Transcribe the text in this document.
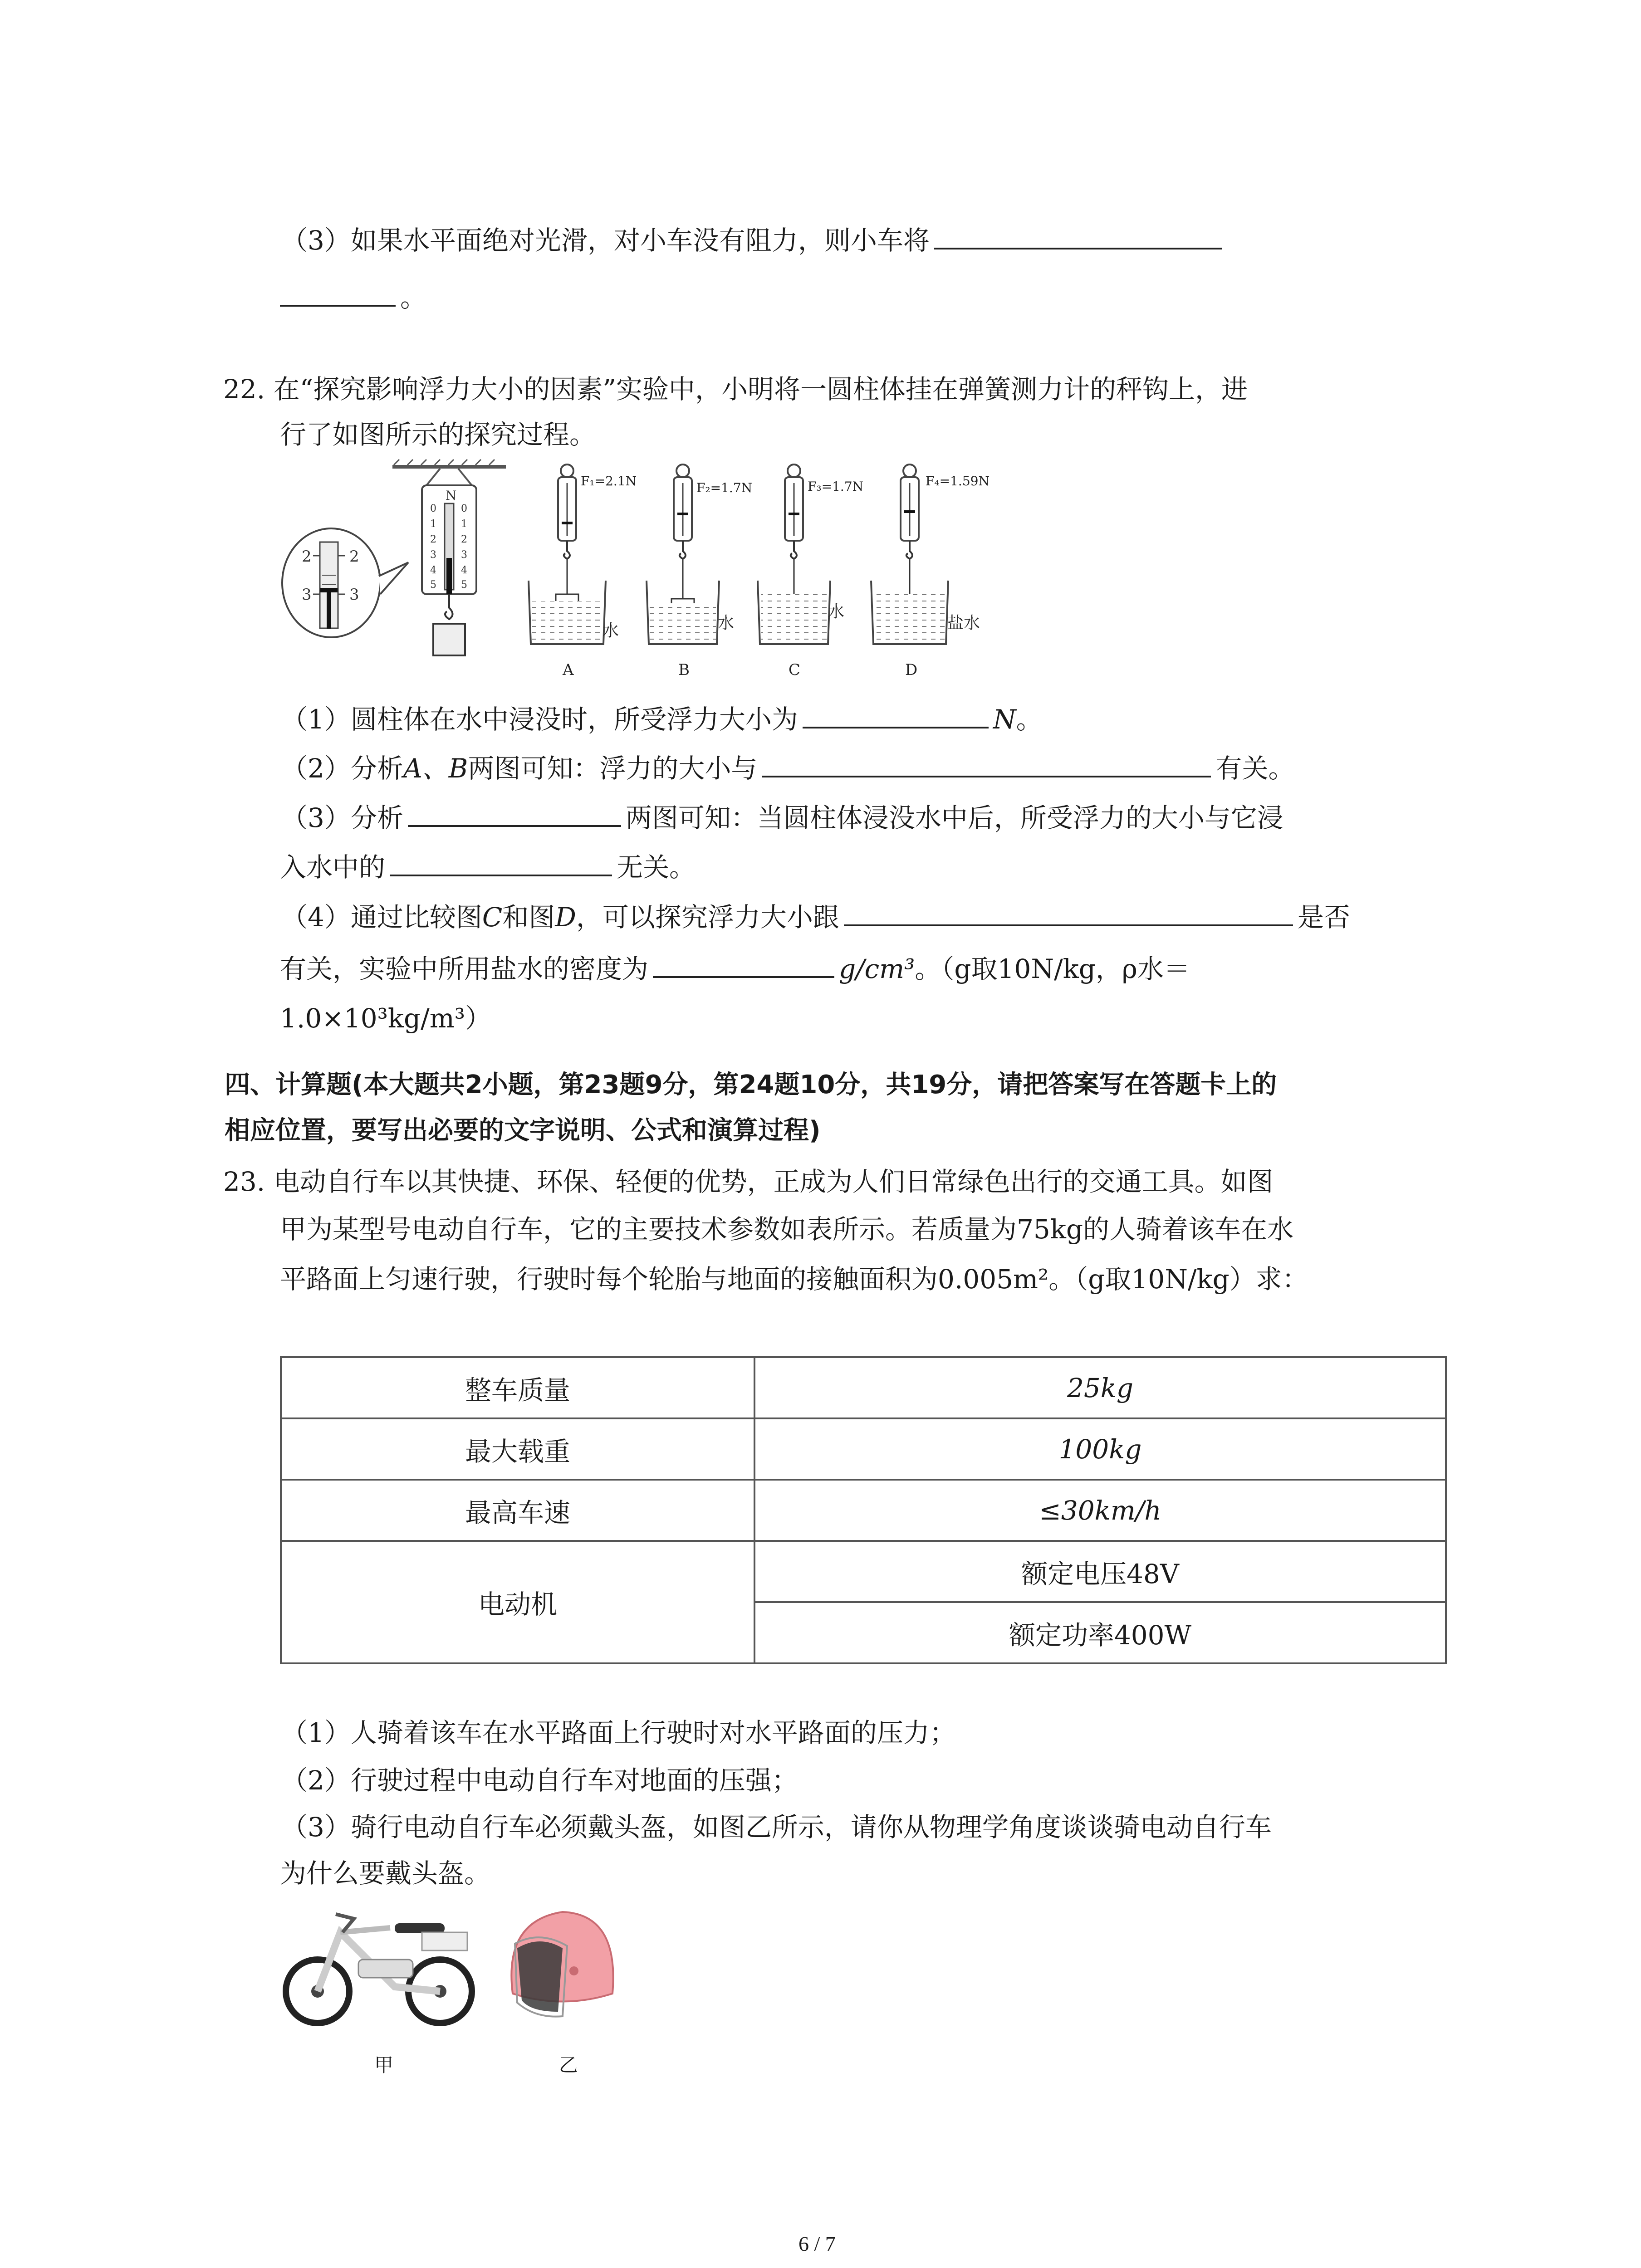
（3）如果水平面绝对光滑，对小车没有阻力，则小车将
。
22. 在“探究影响浮力大小的因素”实验中，小明将一圆柱体挂在弹簧测力计的秤钩上，进
行了如图所示的探究过程。
2 2
3 3
N
0
1
2
3
4
5
0
1
2
3
4
5
F₁=2.1N
水
A
F₂=1.7N
水
B
F₃=1.7N
水
C
F₄=1.59N
盐水
D
（1）圆柱体在水中浸没时，所受浮力大小为	N。
（2）分析A、B两图可知：浮力的大小与	有关。
（3）分析	两图可知：当圆柱体浸没水中后，所受浮力的大小与它浸
入水中的	无关。
（4）通过比较图C和图D，可以探究浮力大小跟	是否
有关，实验中所用盐水的密度为	g/cm³。（g取10N/kg，ρ水＝
1.0×10³kg/m³）
四、计算题(本大题共2小题，第23题9分，第24题10分，共19分，请把答案写在答题卡上的
相应位置，要写出必要的文字说明、公式和演算过程)
23. 电动自行车以其快捷、环保、轻便的优势，正成为人们日常绿色出行的交通工具。如图
甲为某型号电动自行车，它的主要技术参数如表所示。若质量为75kg的人骑着该车在水
平路面上匀速行驶，行驶时每个轮胎与地面的接触面积为0.005m²。（g取10N/kg）求：
整车质量	25kg
最大载重	100kg
最高车速	≤30km/h
电动机	额定电压48V
	额定功率400W
（1）人骑着该车在水平路面上行驶时对水平路面的压力；
（2）行驶过程中电动自行车对地面的压强；
（3）骑行电动自行车必须戴头盔，如图乙所示，请你从物理学角度谈谈骑电动自行车
为什么要戴头盔。
甲	乙
6 / 7
